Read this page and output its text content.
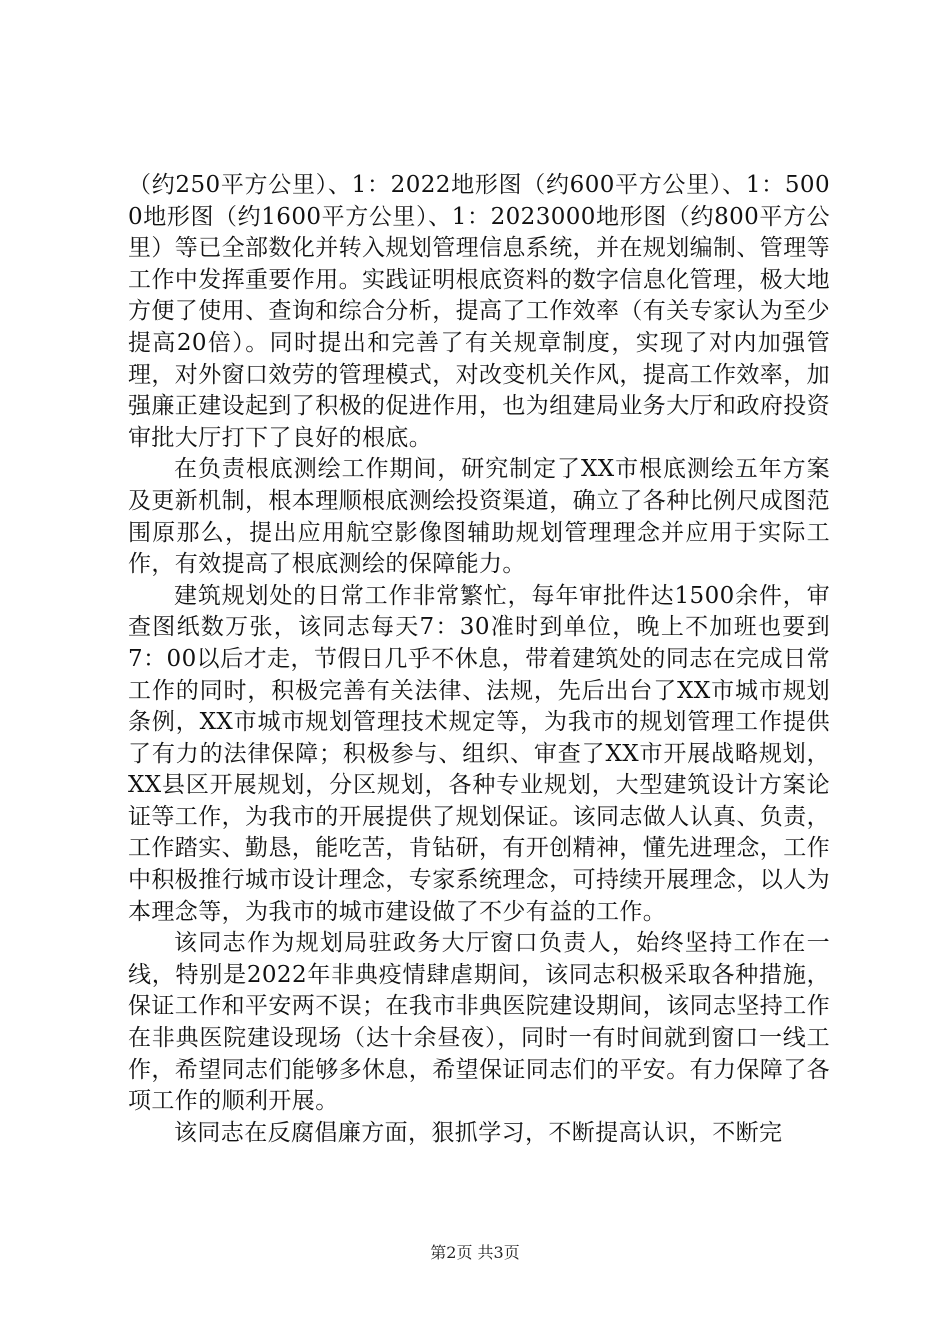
（约250平方公里）、1：2022地形图（约600平方公里）、1：5000地形图（约1600平方公里）、1：2023000地形图（约800平方公里）等已全部数化并转入规划管理信息系统，并在规划编制、管理等工作中发挥重要作用。实践证明根底资料的数字信息化管理，极大地方便了使用、查询和综合分析，提高了工作效率（有关专家认为至少提高20倍）。同时提出和完善了有关规章制度，实现了对内加强管理，对外窗口效劳的管理模式，对改变机关作风，提高工作效率，加强廉正建设起到了积极的促进作用，也为组建局业务大厅和政府投资审批大厅打下了良好的根底。

在负责根底测绘工作期间，研究制定了XX市根底测绘五年方案及更新机制，根本理顺根底测绘投资渠道，确立了各种比例尺成图范围原那么，提出应用航空影像图辅助规划管理理念并应用于实际工作，有效提高了根底测绘的保障能力。

建筑规划处的日常工作非常繁忙，每年审批件达1500余件，审查图纸数万张，该同志每天7：30准时到单位，晚上不加班也要到7：00以后才走，节假日几乎不休息，带着建筑处的同志在完成日常工作的同时，积极完善有关法律、法规，先后出台了XX市城市规划条例，XX市城市规划管理技术规定等，为我市的规划管理工作提供了有力的法律保障；积极参与、组织、审查了XX市开展战略规划，XX县区开展规划，分区规划，各种专业规划，大型建筑设计方案论证等工作，为我市的开展提供了规划保证。该同志做人认真、负责，工作踏实、勤恳，能吃苦，肯钻研，有开创精神，懂先进理念，工作中积极推行城市设计理念，专家系统理念，可持续开展理念，以人为本理念等，为我市的城市建设做了不少有益的工作。

该同志作为规划局驻政务大厅窗口负责人，始终坚持工作在一线，特别是2022年非典疫情肆虐期间，该同志积极采取各种措施，保证工作和平安两不误；在我市非典医院建设期间，该同志坚持工作在非典医院建设现场（达十余昼夜），同时一有时间就到窗口一线工作，希望同志们能够多休息，希望保证同志们的平安。有力保障了各项工作的顺利开展。

该同志在反腐倡廉方面，狠抓学习，不断提高认识，不断完

第2页 共3页
